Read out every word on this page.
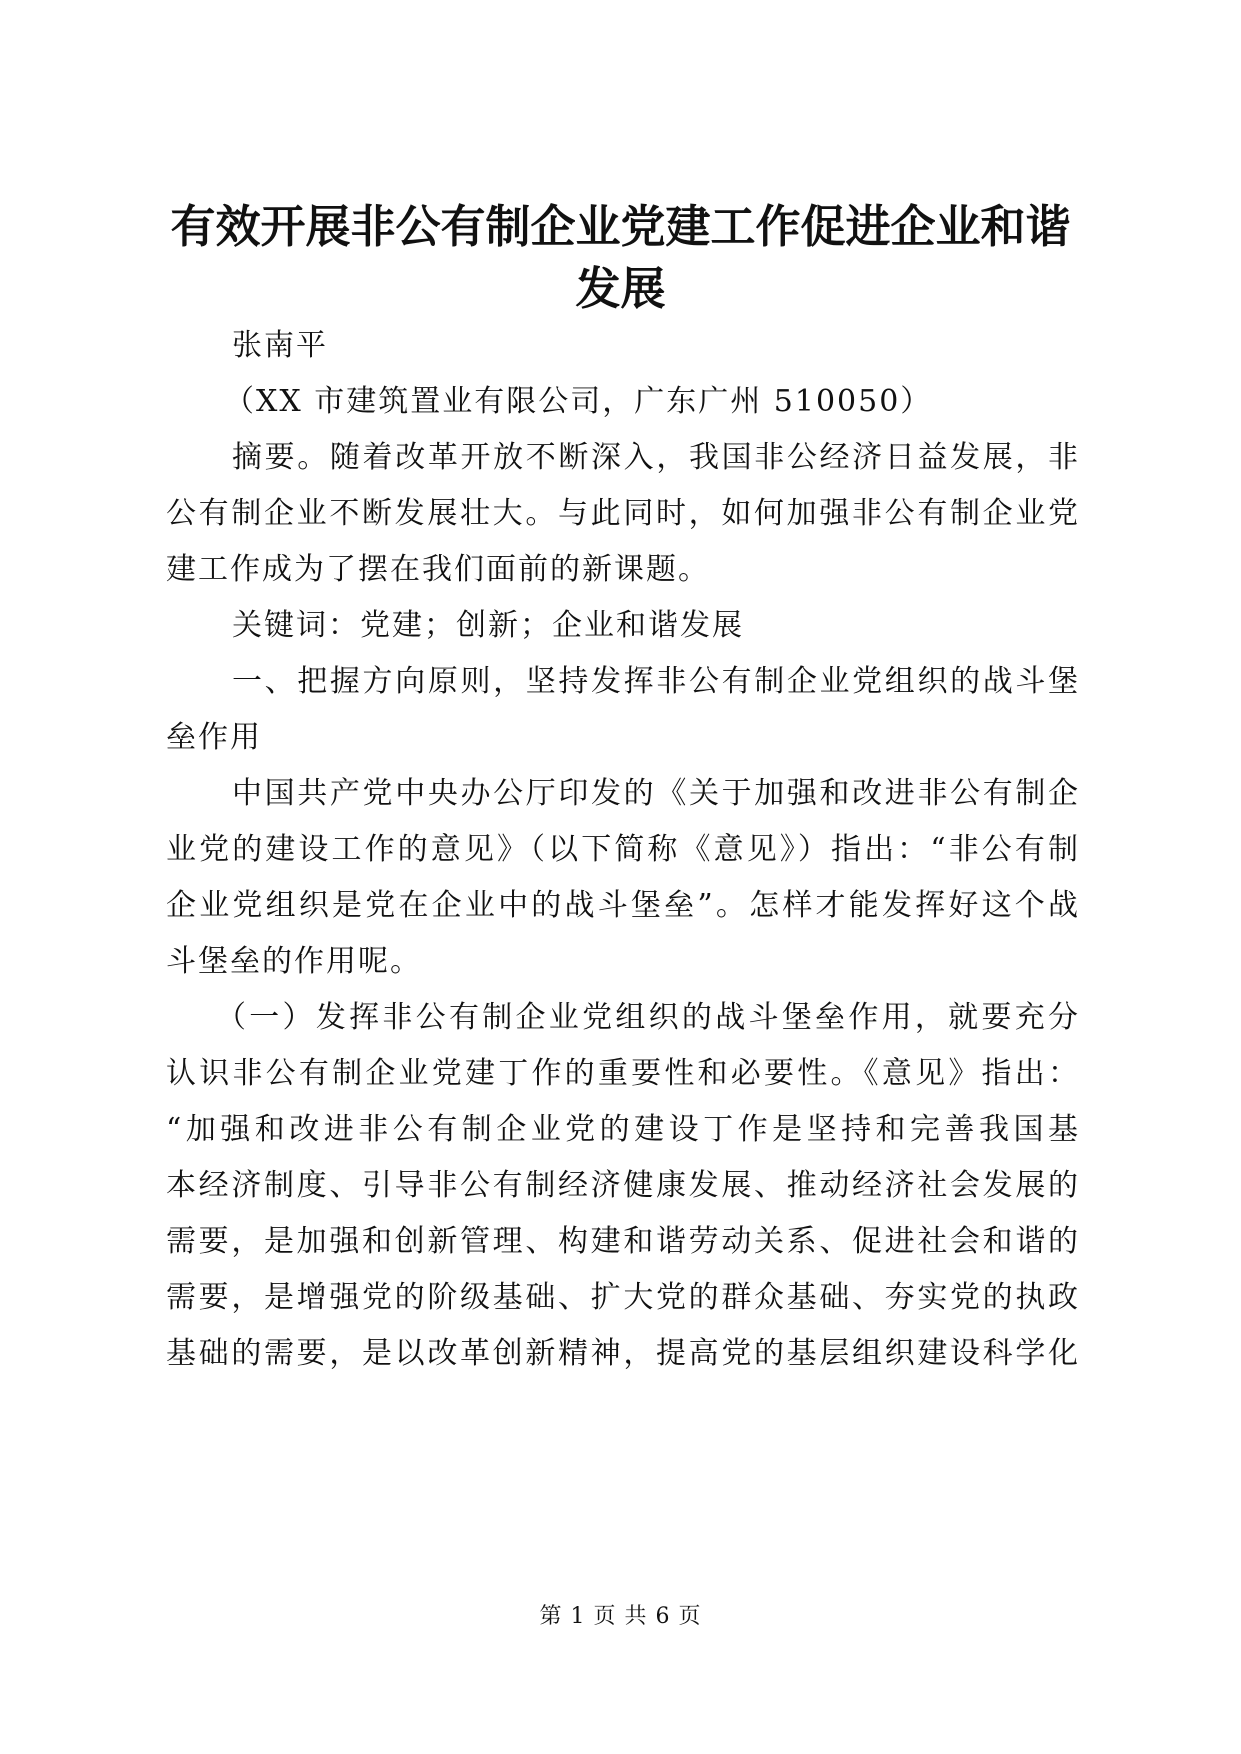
有效开展非公有制企业党建工作促进企业和谐
发展
张南平
（XX 市建筑置业有限公司，广东广州 510050）
摘要。随着改革开放不断深入，我国非公经济日益发展，非
公有制企业不断发展壮大。与此同时，如何加强非公有制企业党
建工作成为了摆在我们面前的新课题。
关键词：党建；创新；企业和谐发展
一、把握方向原则，坚持发挥非公有制企业党组织的战斗堡
垒作用
中国共产党中央办公厅印发的《关于加强和改进非公有制企
业党的建设工作的意见》（以下简称《意见》）指出：“非公有制
企业党组织是党在企业中的战斗堡垒”。怎样才能发挥好这个战
斗堡垒的作用呢。
（一）发挥非公有制企业党组织的战斗堡垒作用，就要充分
认识非公有制企业党建丁作的重要性和必要性。《意见》指出：
“加强和改进非公有制企业党的建设丁作是坚持和完善我国基
本经济制度、引导非公有制经济健康发展、推动经济社会发展的
需要，是加强和创新管理、构建和谐劳动关系、促进社会和谐的
需要，是增强党的阶级基础、扩大党的群众基础、夯实党的执政
基础的需要，是以改革创新精神，提高党的基层组织建设科学化
第 1 页 共 6 页
